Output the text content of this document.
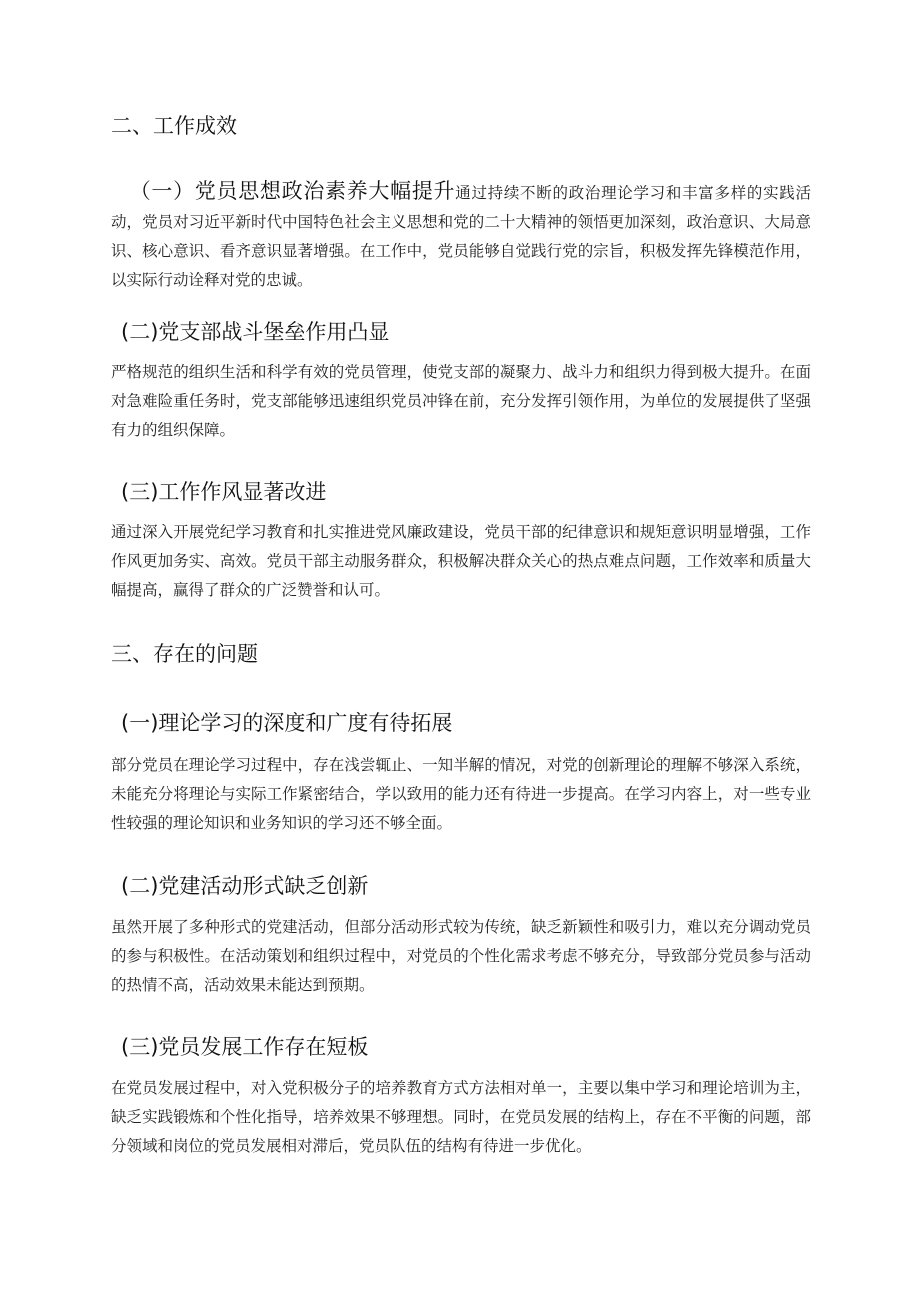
二、工作成效
（一）党员思想政治素养大幅提升通过持续不断的政治理论学习和丰富多样的实践活动，党员对习近平新时代中国特色社会主义思想和党的二十大精神的领悟更加深刻，政治意识、大局意识、核心意识、看齐意识显著增强。在工作中，党员能够自觉践行党的宗旨，积极发挥先锋模范作用，以实际行动诠释对党的忠诚。
(二)党支部战斗堡垒作用凸显
严格规范的组织生活和科学有效的党员管理，使党支部的凝聚力、战斗力和组织力得到极大提升。在面对急难险重任务时，党支部能够迅速组织党员冲锋在前，充分发挥引领作用，为单位的发展提供了坚强有力的组织保障。
(三)工作作风显著改进
通过深入开展党纪学习教育和扎实推进党风廉政建设，党员干部的纪律意识和规矩意识明显增强，工作作风更加务实、高效。党员干部主动服务群众，积极解决群众关心的热点难点问题，工作效率和质量大幅提高，赢得了群众的广泛赞誉和认可。
三、存在的问题
(一)理论学习的深度和广度有待拓展
部分党员在理论学习过程中，存在浅尝辄止、一知半解的情况，对党的创新理论的理解不够深入系统，未能充分将理论与实际工作紧密结合，学以致用的能力还有待进一步提高。在学习内容上，对一些专业性较强的理论知识和业务知识的学习还不够全面。
(二)党建活动形式缺乏创新
虽然开展了多种形式的党建活动，但部分活动形式较为传统，缺乏新颖性和吸引力，难以充分调动党员的参与积极性。在活动策划和组织过程中，对党员的个性化需求考虑不够充分，导致部分党员参与活动的热情不高，活动效果未能达到预期。
(三)党员发展工作存在短板
在党员发展过程中，对入党积极分子的培养教育方式方法相对单一，主要以集中学习和理论培训为主，缺乏实践锻炼和个性化指导，培养效果不够理想。同时，在党员发展的结构上，存在不平衡的问题，部分领域和岗位的党员发展相对滞后，党员队伍的结构有待进一步优化。
